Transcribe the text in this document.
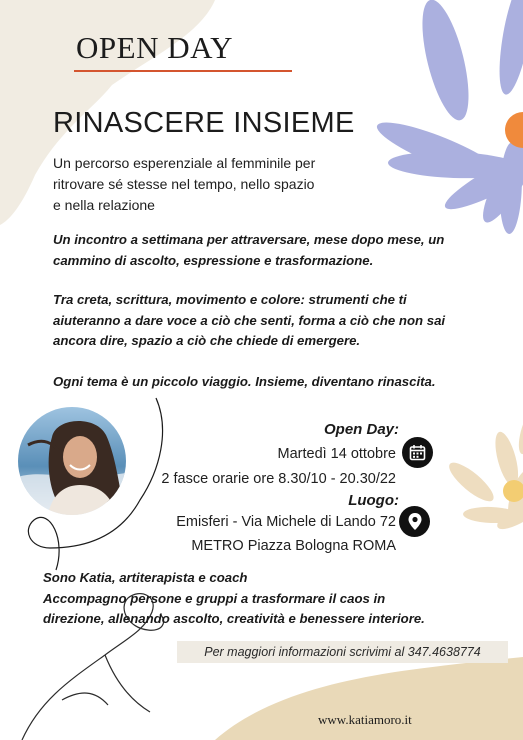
OPEN DAY
RINASCERE INSIEME
Un percorso esperenziale al femminile per
ritrovare sé stesse nel tempo, nello spazio
e nella relazione
Un incontro a settimana per attraversare, mese dopo mese, un
cammino di ascolto, espressione e trasformazione.
Tra creta, scrittura, movimento e colore: strumenti che ti
aiuteranno a dare voce a ciò che senti, forma a ciò che non sai
ancora dire, spazio a ciò che chiede di emergere.
Ogni tema è un piccolo viaggio. Insieme, diventano rinascita.
Open Day:
Martedì 14 ottobre
2 fasce orarie ore 8.30/10 - 20.30/22
Luogo:
Emisferi - Via Michele di Lando 72
METRO Piazza Bologna ROMA
Sono Katia, artiterapista e coach
Accompagno persone e gruppi a trasformare il caos in
direzione, allenando ascolto, creatività e benessere interiore.
Per maggiori informazioni scrivimi al 347.4638774
www.katiamoro.it
